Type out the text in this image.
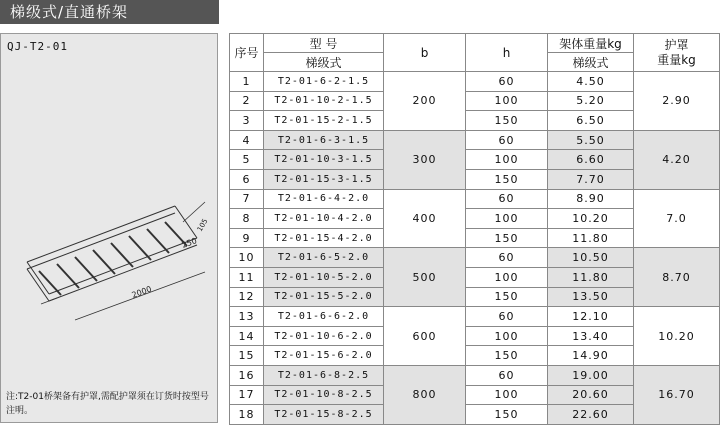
梯级式/直通桥架
QJ-T2-01
2000
250
105
注:T2-01桥架备有护罩,需配护罩须在订货时按型号注明。
序号	型 号	b	h	架体重量kg	护罩
重量kg

	梯级式			梯级式	
1	T2-01-6-2-1.5	200	60	4.50	2.90
2	T2-01-10-2-1.5		100	5.20	
3	T2-01-15-2-1.5		150	6.50	
4	T2-01-6-3-1.5	300	60	5.50	4.20
5	T2-01-10-3-1.5		100	6.60	
6	T2-01-15-3-1.5		150	7.70	
7	T2-01-6-4-2.0	400	60	8.90	7.0
8	T2-01-10-4-2.0		100	10.20	
9	T2-01-15-4-2.0		150	11.80	
10	T2-01-6-5-2.0	500	60	10.50	8.70
11	T2-01-10-5-2.0		100	11.80	
12	T2-01-15-5-2.0		150	13.50	
13	T2-01-6-6-2.0	600	60	12.10	10.20
14	T2-01-10-6-2.0		100	13.40	
15	T2-01-15-6-2.0		150	14.90	
16	T2-01-6-8-2.5	800	60	19.00	16.70
17	T2-01-10-8-2.5		100	20.60	
18	T2-01-15-8-2.5		150	22.60	
